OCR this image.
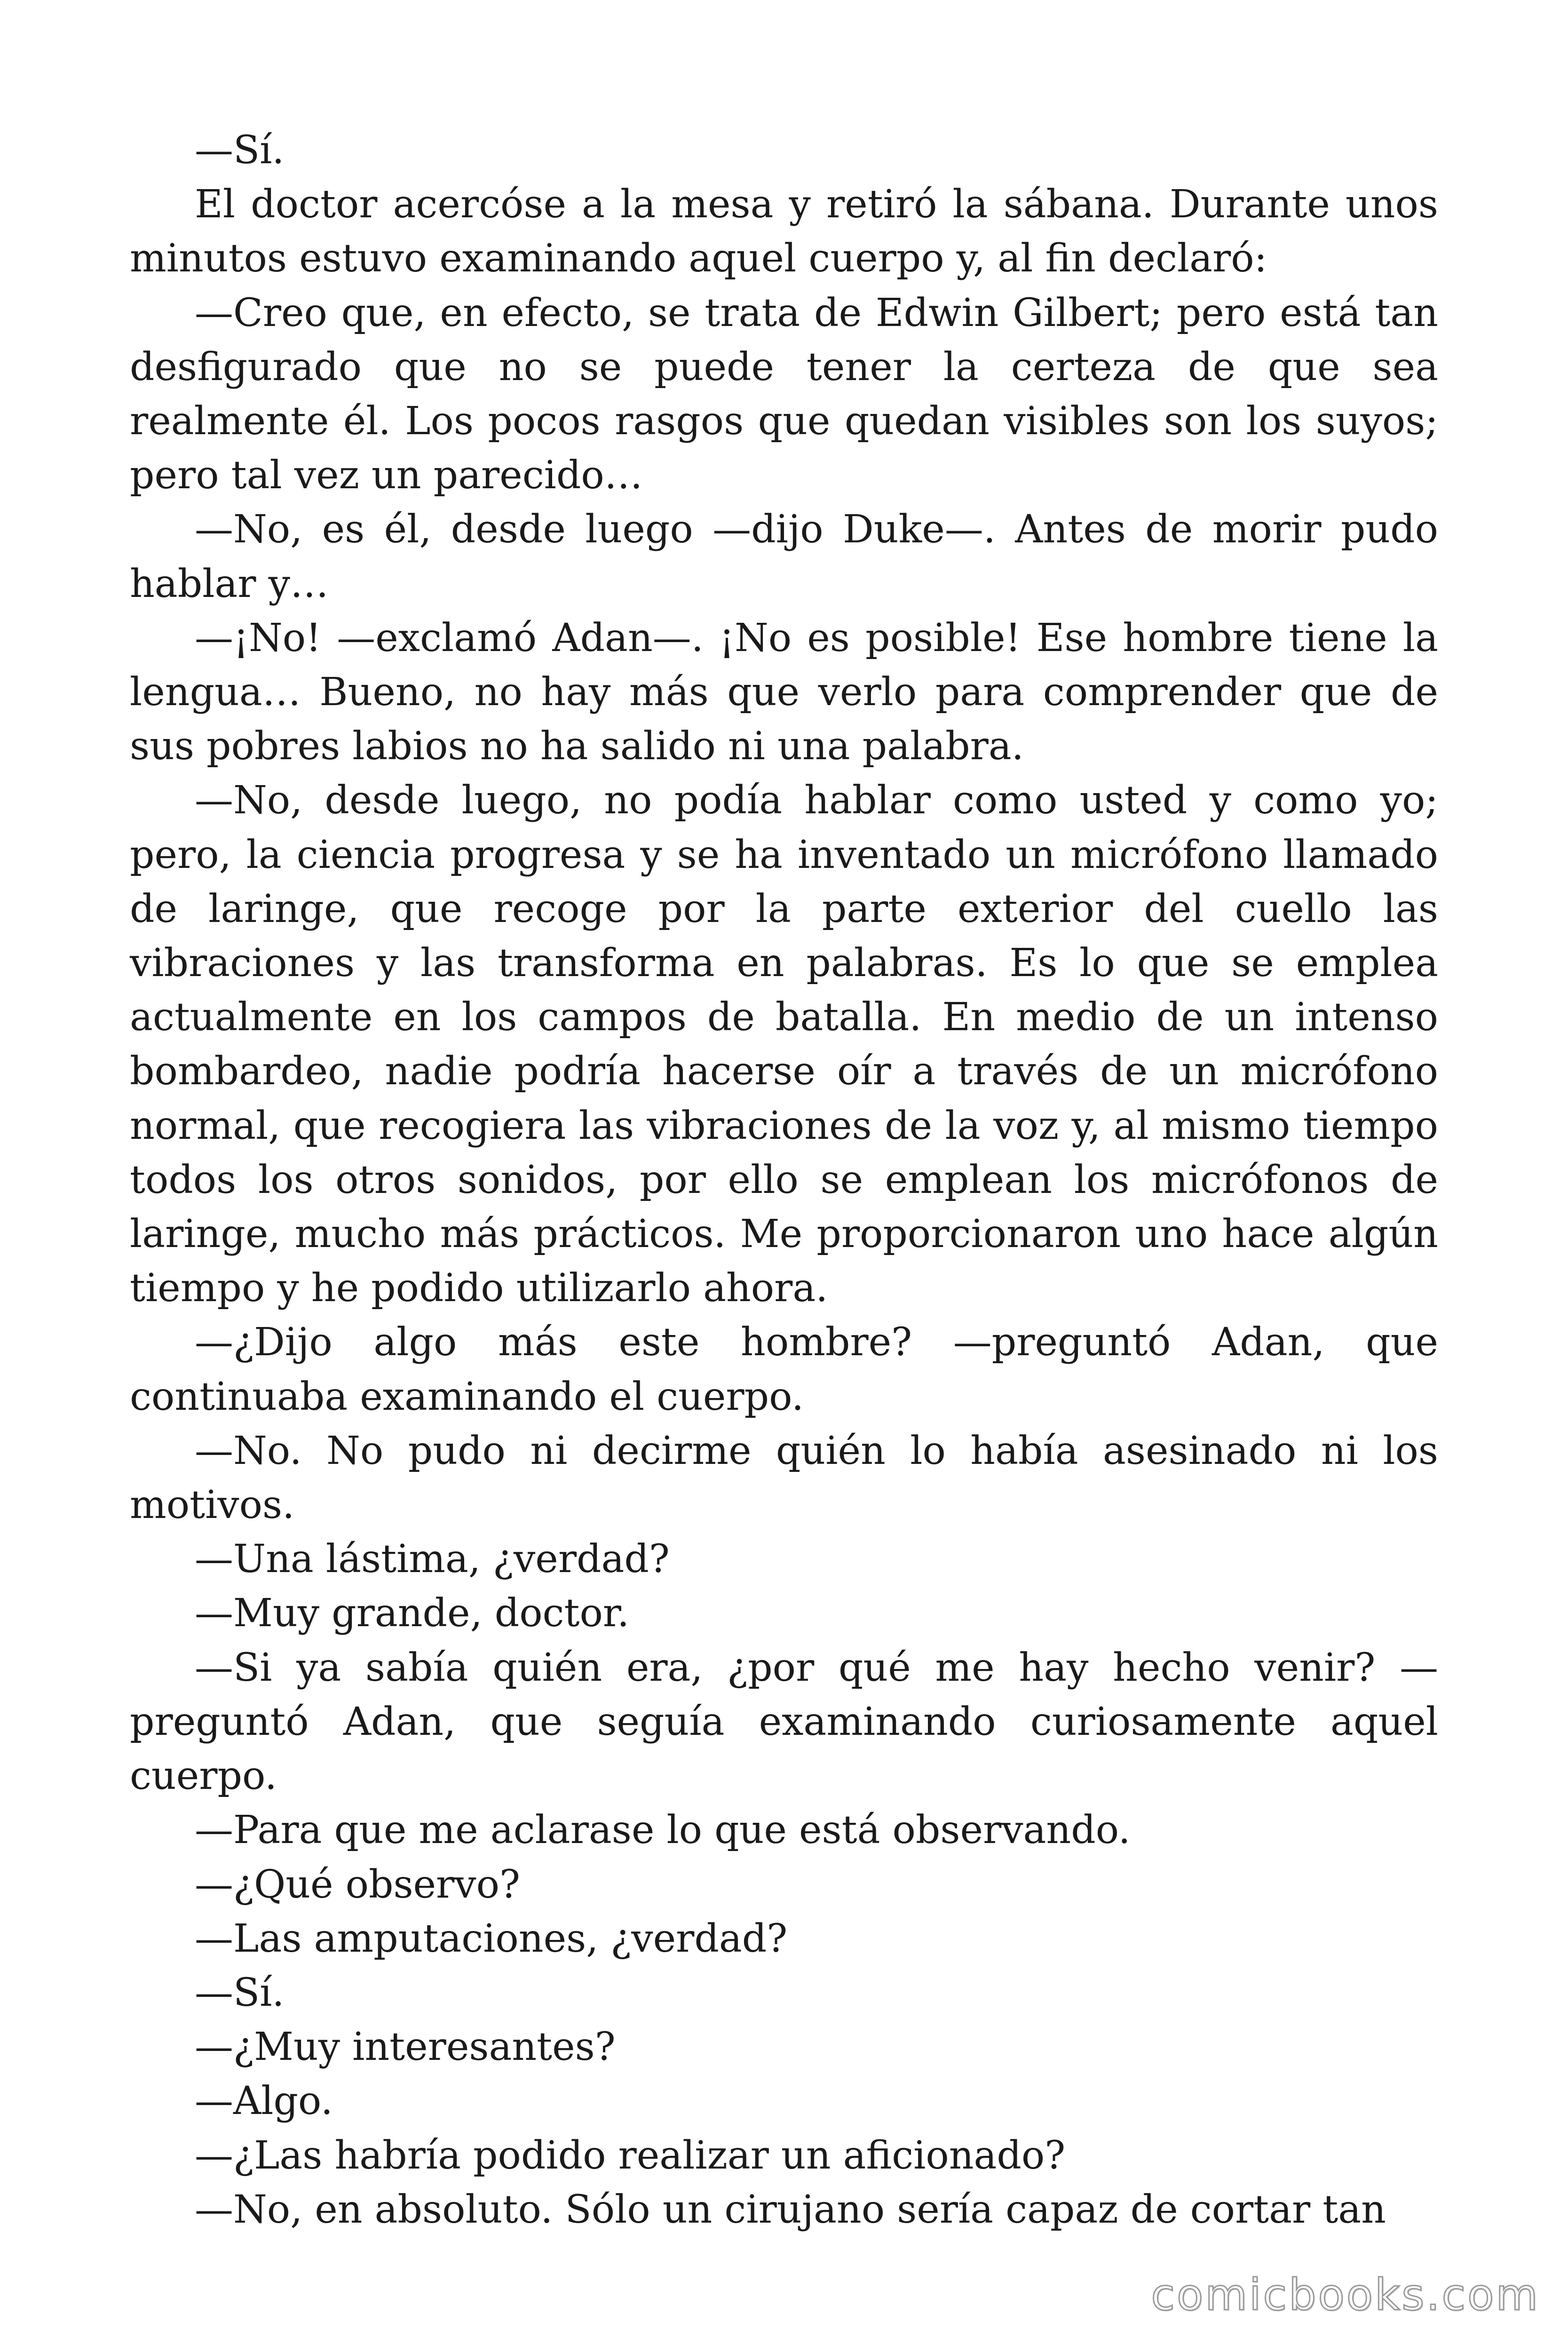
—Sí.

El doctor acercóse a la mesa y retiró la sábana. Durante unos minutos estuvo examinando aquel cuerpo y, al fin declaró:

—Creo que, en efecto, se trata de Edwin Gilbert; pero está tan desfigurado que no se puede tener la certeza de que sea realmente él. Los pocos rasgos que quedan visibles son los suyos; pero tal vez un parecido…

—No, es él, desde luego —dijo Duke—. Antes de morir pudo hablar y…

—¡No! —exclamó Adan—. ¡No es posible! Ese hombre tiene la lengua… Bueno, no hay más que verlo para comprender que de sus pobres labios no ha salido ni una palabra.

—No, desde luego, no podía hablar como usted y como yo; pero, la ciencia progresa y se ha inventado un micrófono llamado de laringe, que recoge por la parte exterior del cuello las vibraciones y las transforma en palabras. Es lo que se emplea actualmente en los campos de batalla. En medio de un intenso bombardeo, nadie podría hacerse oír a través de un micrófono normal, que recogiera las vibraciones de la voz y, al mismo tiempo todos los otros sonidos, por ello se emplean los micrófonos de laringe, mucho más prácticos. Me proporcionaron uno hace algún tiempo y he podido utilizarlo ahora.

—¿Dijo algo más este hombre? —preguntó Adan, que continuaba examinando el cuerpo.

—No. No pudo ni decirme quién lo había asesinado ni los motivos.

—Una lástima, ¿verdad?

—Muy grande, doctor.

—Si ya sabía quién era, ¿por qué me hay hecho venir? —preguntó Adan, que seguía examinando curiosamente aquel cuerpo.

—Para que me aclarase lo que está observando.

—¿Qué observo?

—Las amputaciones, ¿verdad?

—Sí.

—¿Muy interesantes?

—Algo.

—¿Las habría podido realizar un aficionado?

—No, en absoluto. Sólo un cirujano sería capaz de cortar tan

comicbooks.com
